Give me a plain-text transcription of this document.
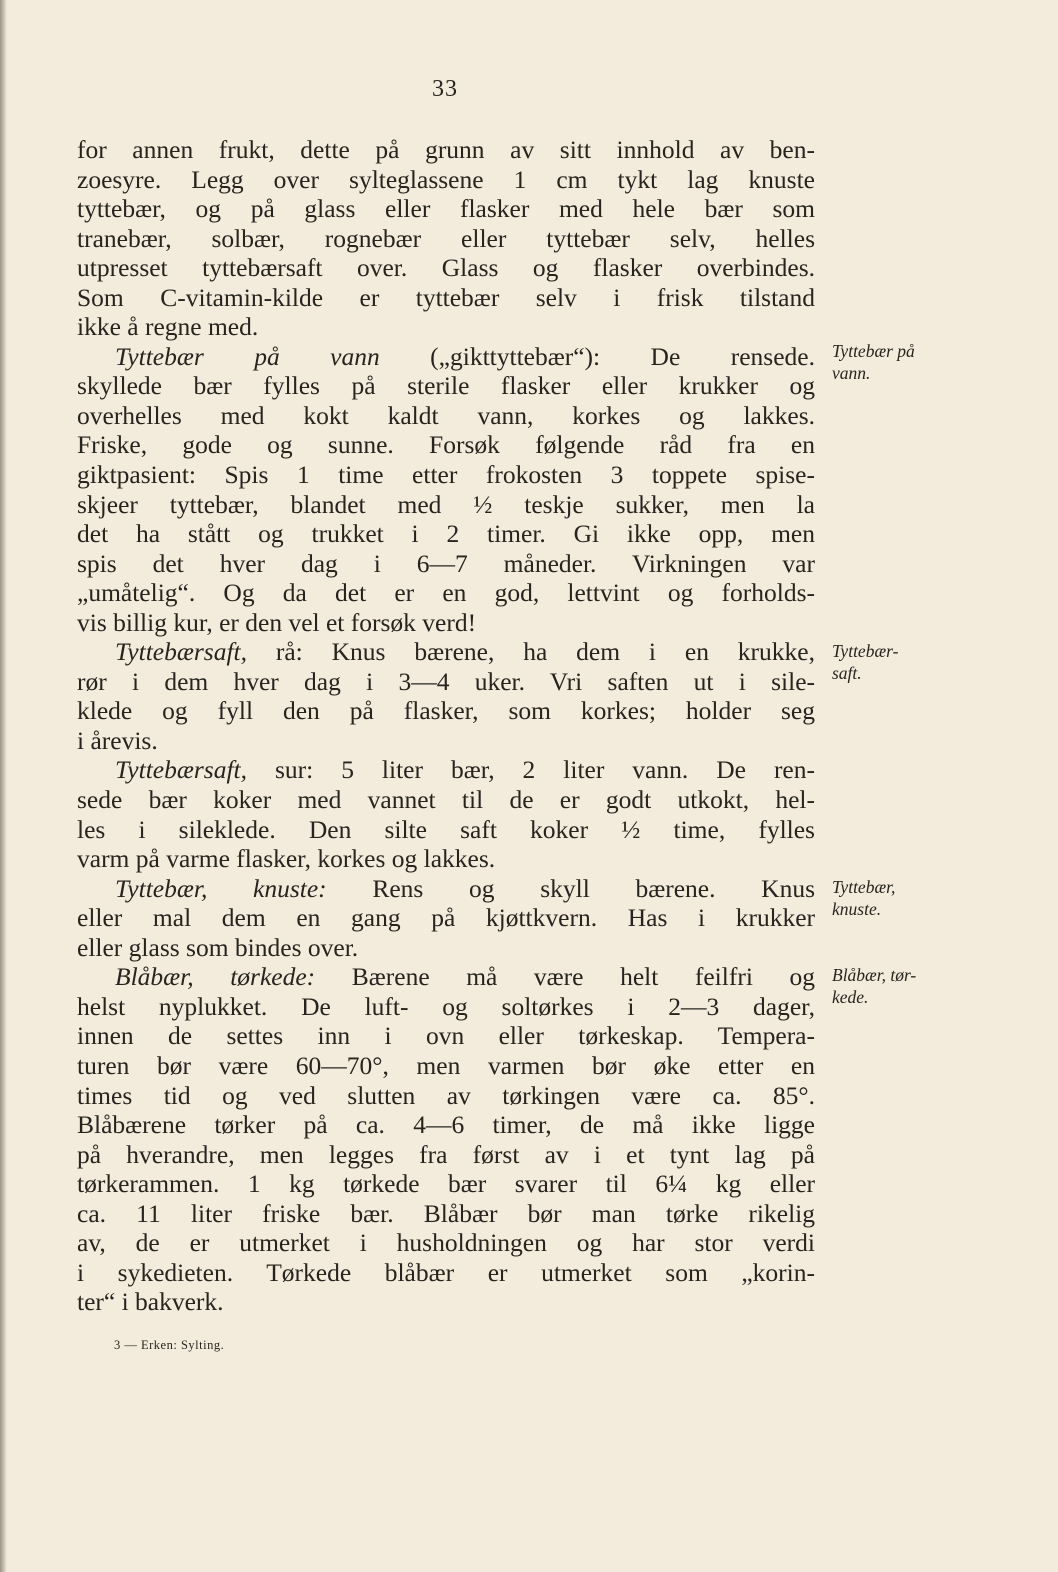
33
for annen frukt, dette på grunn av sitt innhold av ben-
zoesyre. Legg over sylteglassene 1 cm tykt lag knuste
tyttebær, og på glass eller flasker med hele bær som
tranebær, solbær, rognebær eller tyttebær selv, helles
utpresset tyttebærsaft over. Glass og flasker overbindes.
Som C-vitamin-kilde er tyttebær selv i frisk tilstand
ikke å regne med.
Tyttebær på vann („gikttyttebær“): De rensede.
skyllede bær fylles på sterile flasker eller krukker og
overhelles med kokt kaldt vann, korkes og lakkes.
Friske, gode og sunne. Forsøk følgende råd fra en
giktpasient: Spis 1 time etter frokosten 3 toppete spise-
skjeer tyttebær, blandet med ½ teskje sukker, men la
det ha stått og trukket i 2 timer. Gi ikke opp, men
spis det hver dag i 6—7 måneder. Virkningen var
„umåtelig“. Og da det er en god, lettvint og forholds-
vis billig kur, er den vel et forsøk verd!
Tyttebærsaft, rå: Knus bærene, ha dem i en krukke,
rør i dem hver dag i 3—4 uker. Vri saften ut i sile-
klede og fyll den på flasker, som korkes; holder seg
i årevis.
Tyttebærsaft, sur: 5 liter bær, 2 liter vann. De ren-
sede bær koker med vannet til de er godt utkokt, hel-
les i sileklede. Den silte saft koker ½ time, fylles
varm på varme flasker, korkes og lakkes.
Tyttebær, knuste: Rens og skyll bærene. Knus
eller mal dem en gang på kjøttkvern. Has i krukker
eller glass som bindes over.
Blåbær, tørkede: Bærene må være helt feilfri og
helst nyplukket. De luft- og soltørkes i 2—3 dager,
innen de settes inn i ovn eller tørkeskap. Tempera-
turen bør være 60—70°, men varmen bør øke etter en
times tid og ved slutten av tørkingen være ca. 85°.
Blåbærene tørker på ca. 4—6 timer, de må ikke ligge
på hverandre, men legges fra først av i et tynt lag på
tørkerammen. 1 kg tørkede bær svarer til 6¼ kg eller
ca. 11 liter friske bær. Blåbær bør man tørke rikelig
av, de er utmerket i husholdningen og har stor verdi
i sykedieten. Tørkede blåbær er utmerket som „korin-
ter“ i bakverk.
Tyttebær på
vann.
Tyttebær-
saft.
Tyttebær,
knuste.
Blåbær, tør-
kede.
3 — Erken: Sylting.
